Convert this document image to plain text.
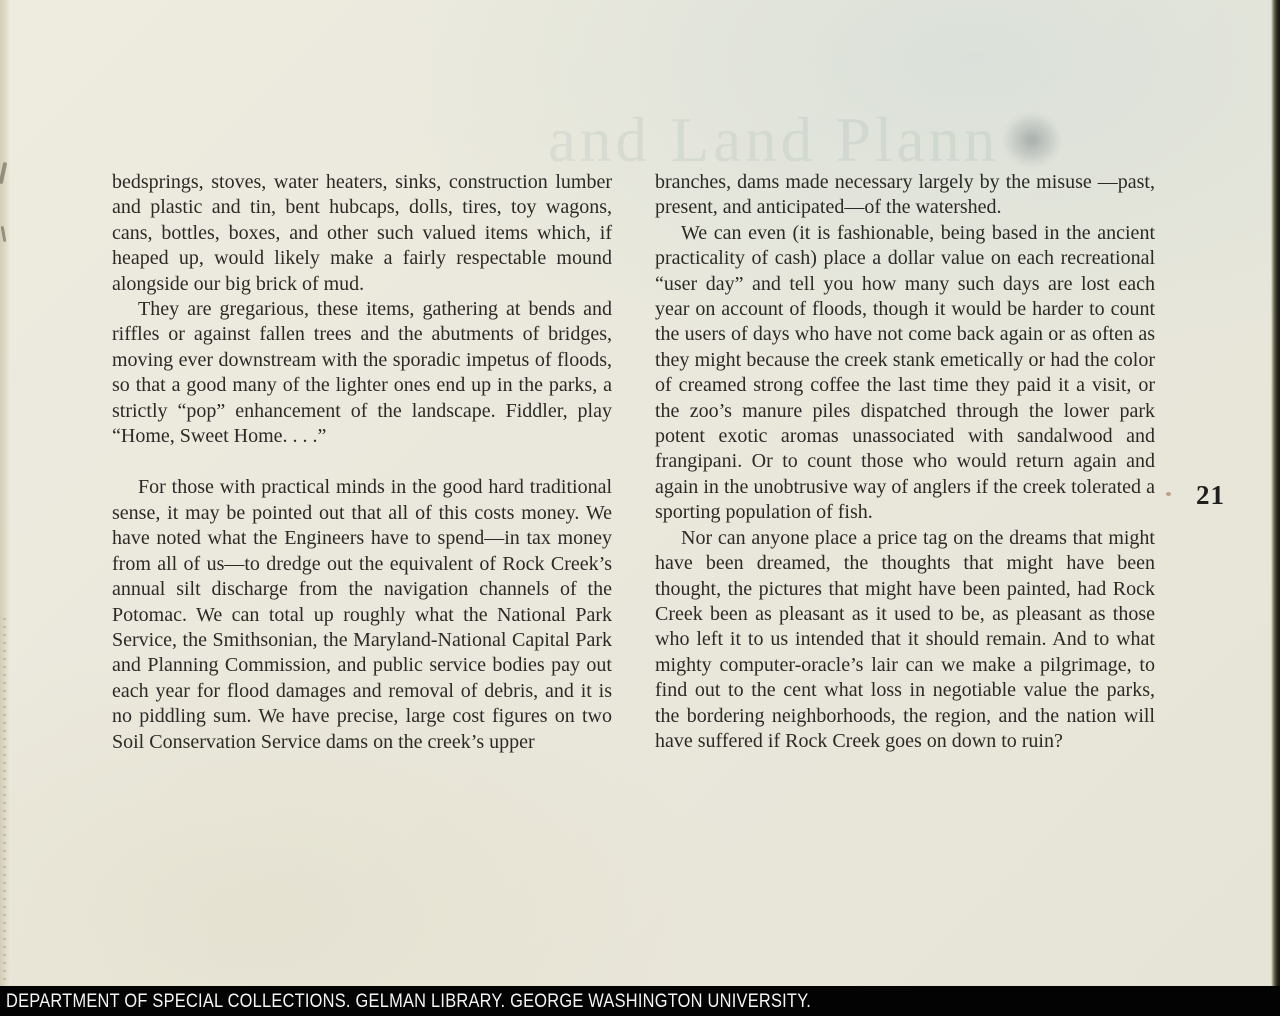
and Land Plann

bedsprings, stoves, water heaters, sinks, construction lumber and plastic and tin, bent hubcaps, dolls, tires, toy wagons, cans, bottles, boxes, and other such valued items which, if heaped up, would likely make a fairly respectable mound alongside our big brick of mud.

They are gregarious, these items, gathering at bends and riffles or against fallen trees and the abutments of bridges, moving ever downstream with the sporadic impetus of floods, so that a good many of the lighter ones end up in the parks, a strictly “pop” enhancement of the landscape. Fiddler, play “Home, Sweet Home. . . .”

For those with practical minds in the good hard traditional sense, it may be pointed out that all of this costs money. We have noted what the Engineers have to spend—in tax money from all of us—to dredge out the equivalent of Rock Creek’s annual silt discharge from the navigation channels of the Potomac. We can total up roughly what the National Park Service, the Smithsonian, the Maryland-National Capital Park and Planning Commission, and public service bodies pay out each year for flood damages and removal of debris, and it is no piddling sum. We have precise, large cost figures on two Soil Conservation Service dams on the creek’s upper

branches, dams made necessary largely by the misuse —past, present, and anticipated—of the watershed.

We can even (it is fashionable, being based in the ancient practicality of cash) place a dollar value on each recreational “user day” and tell you how many such days are lost each year on account of floods, though it would be harder to count the users of days who have not come back again or as often as they might because the creek stank emetically or had the color of creamed strong coffee the last time they paid it a visit, or the zoo’s manure piles dispatched through the lower park potent exotic aromas unassociated with sandalwood and frangipani. Or to count those who would return again and again in the unobtrusive way of anglers if the creek tolerated a sporting population of fish.

Nor can anyone place a price tag on the dreams that might have been dreamed, the thoughts that might have been thought, the pictures that might have been painted, had Rock Creek been as pleasant as it used to be, as pleasant as those who left it to us intended that it should remain. And to what mighty computer-oracle’s lair can we make a pilgrimage, to find out to the cent what loss in negotiable value the parks, the bordering neighborhoods, the region, and the nation will have suffered if Rock Creek goes on down to ruin?

21
DEPARTMENT OF SPECIAL COLLECTIONS. GELMAN LIBRARY. GEORGE WASHINGTON UNIVERSITY.
